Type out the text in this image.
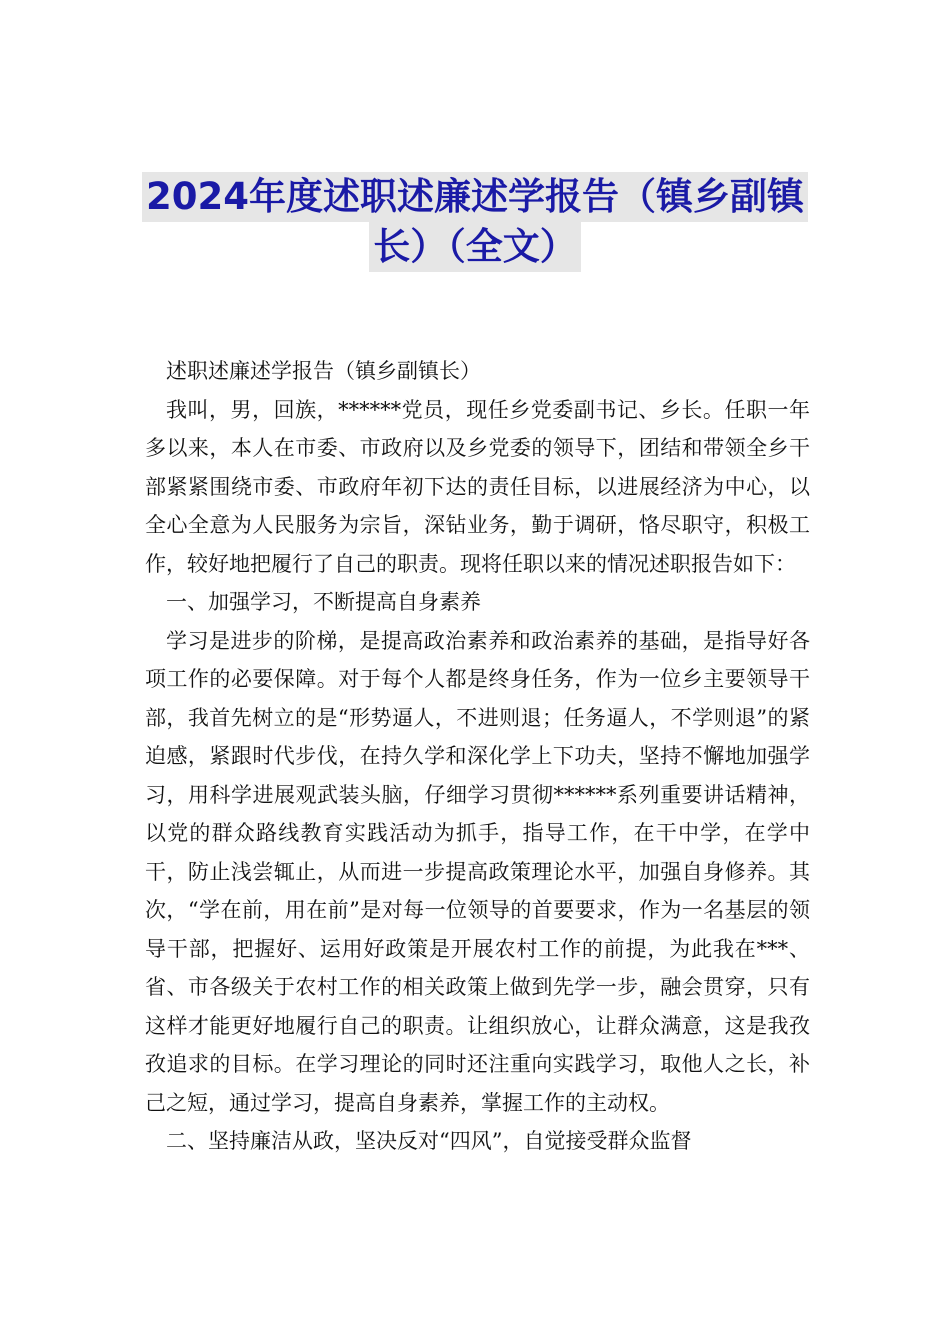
2024年度述职述廉述学报告（镇乡副镇
长）（全文）

述职述廉述学报告（镇乡副镇长）

我叫，男，回族，******党员，现任乡党委副书记、乡长。任职一年多以来，本人在市委、市政府以及乡党委的领导下，团结和带领全乡干部紧紧围绕市委、市政府年初下达的责任目标，以进展经济为中心，以全心全意为人民服务为宗旨，深钻业务，勤于调研，恪尽职守，积极工作，较好地把履行了自己的职责。现将任职以来的情况述职报告如下：

一、加强学习，不断提高自身素养

学习是进步的阶梯，是提高政治素养和政治素养的基础，是指导好各项工作的必要保障。对于每个人都是终身任务，作为一位乡主要领导干部，我首先树立的是“形势逼人，不进则退；任务逼人，不学则退”的紧迫感，紧跟时代步伐，在持久学和深化学上下功夫，坚持不懈地加强学习，用科学进展观武装头脑，仔细学习贯彻******系列重要讲话精神，以党的群众路线教育实践活动为抓手，指导工作，在干中学，在学中干，防止浅尝辄止，从而进一步提高政策理论水平，加强自身修养。其次，“学在前，用在前”是对每一位领导的首要要求，作为一名基层的领导干部，把握好、运用好政策是开展农村工作的前提，为此我在***、省、市各级关于农村工作的相关政策上做到先学一步，融会贯穿，只有这样才能更好地履行自己的职责。让组织放心，让群众满意，这是我孜孜追求的目标。在学习理论的同时还注重向实践学习，取他人之长，补己之短，通过学习，提高自身素养，掌握工作的主动权。

二、坚持廉洁从政，坚决反对“四风”，自觉接受群众监督
